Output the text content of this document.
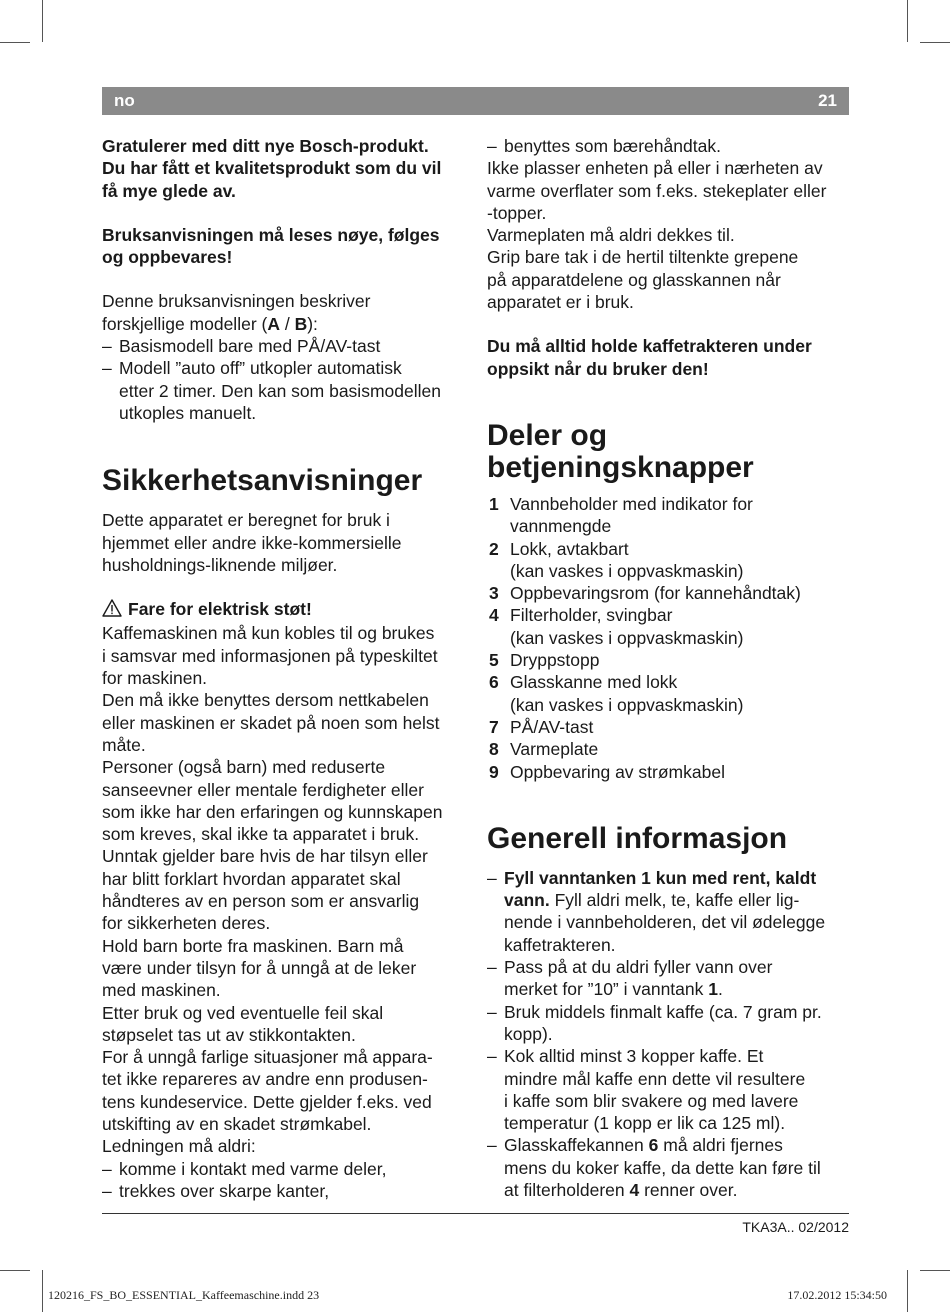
no	21

Gratulerer med ditt nye Bosch-produkt.

Du har fått et kvalitetsprodukt som du vil

få mye glede av.

Bruksanvisningen må leses nøye, følges

og oppbevares!

Denne bruksanvisningen beskriver

forskjellige modeller (A / B):

– Basismodell bare med PÅ/AV-tast
– Modell ”auto off” utkopler automatisk
etter 2 timer. Den kan som basismodellen
utkoples manuelt.
Sikkerhetsanvisninger

Dette apparatet er beregnet for bruk i

hjemmet eller andre ikke-kommersielle

husholdnings-liknende miljøer.

Fare for elektrisk støt!

Kaffemaskinen må kun kobles til og brukes

i samsvar med informasjonen på typeskiltet

for maskinen.

Den må ikke benyttes dersom nettkabelen

eller maskinen er skadet på noen som helst

måte.

Personer (også barn) med reduserte

sanseevner eller mentale ferdigheter eller

som ikke har den erfaringen og kunnskapen

som kreves, skal ikke ta apparatet i bruk.

Unntak gjelder bare hvis de har tilsyn eller

har blitt forklart hvordan apparatet skal

håndteres av en person som er ansvarlig

for sikkerheten deres.

Hold barn borte fra maskinen. Barn må

være under tilsyn for å unngå at de leker

med maskinen.

Etter bruk og ved eventuelle feil skal

støpselet tas ut av stikkontakten.

For å unngå farlige situasjoner må appara-

tet ikke repareres av andre enn produsen-

tens kundeservice. Dette gjelder f.eks. ved

utskifting av en skadet strømkabel.

Ledningen må aldri:

– komme i kontakt med varme deler,
– trekkes over skarpe kanter,
– benyttes som bærehåndtak.

Ikke plasser enheten på eller i nærheten av

varme overflater som f.eks. stekeplater eller

-topper.

Varmeplaten må aldri dekkes til.

Grip bare tak i de hertil tiltenkte grepene

på apparatdelene og glasskannen når

apparatet er i bruk.

Du må alltid holde kaffetrakteren under

oppsikt når du bruker den!

Deler og
betjeningsknapper
1 Vannbeholder med indikator for
vannmengde
2 Lokk, avtakbart
(kan vaskes i oppvaskmaskin)
3 Oppbevaringsrom (for kannehåndtak)
4 Filterholder, svingbar
(kan vaskes i oppvaskmaskin)
5 Dryppstopp
6 Glasskanne med lokk
(kan vaskes i oppvaskmaskin)
7 PÅ/AV-tast
8 Varmeplate
9 Oppbevaring av strømkabel
Generell informasjon
– Fyll vanntanken 1 kun med rent, kaldt
vann. Fyll aldri melk, te, kaffe eller lig-
nende i vannbeholderen, det vil ødelegge
kaffetrakteren.
– Pass på at du aldri fyller vann over
merket for ”10” i vanntank 1.
– Bruk middels finmalt kaffe (ca. 7 gram pr.
kopp).
– Kok alltid minst 3 kopper kaffe. Et
mindre mål kaffe enn dette vil resultere
i kaffe som blir svakere og med lavere
temperatur (1 kopp er lik ca 125 ml).
– Glasskaffekannen 6 må aldri fjernes
mens du koker kaffe, da dette kan føre til
at filterholderen 4 renner over.
TKA3A.. 02/2012
120216_FS_BO_ESSENTIAL_Kaffeemaschine.indd 23	17.02.2012 15:34:50
